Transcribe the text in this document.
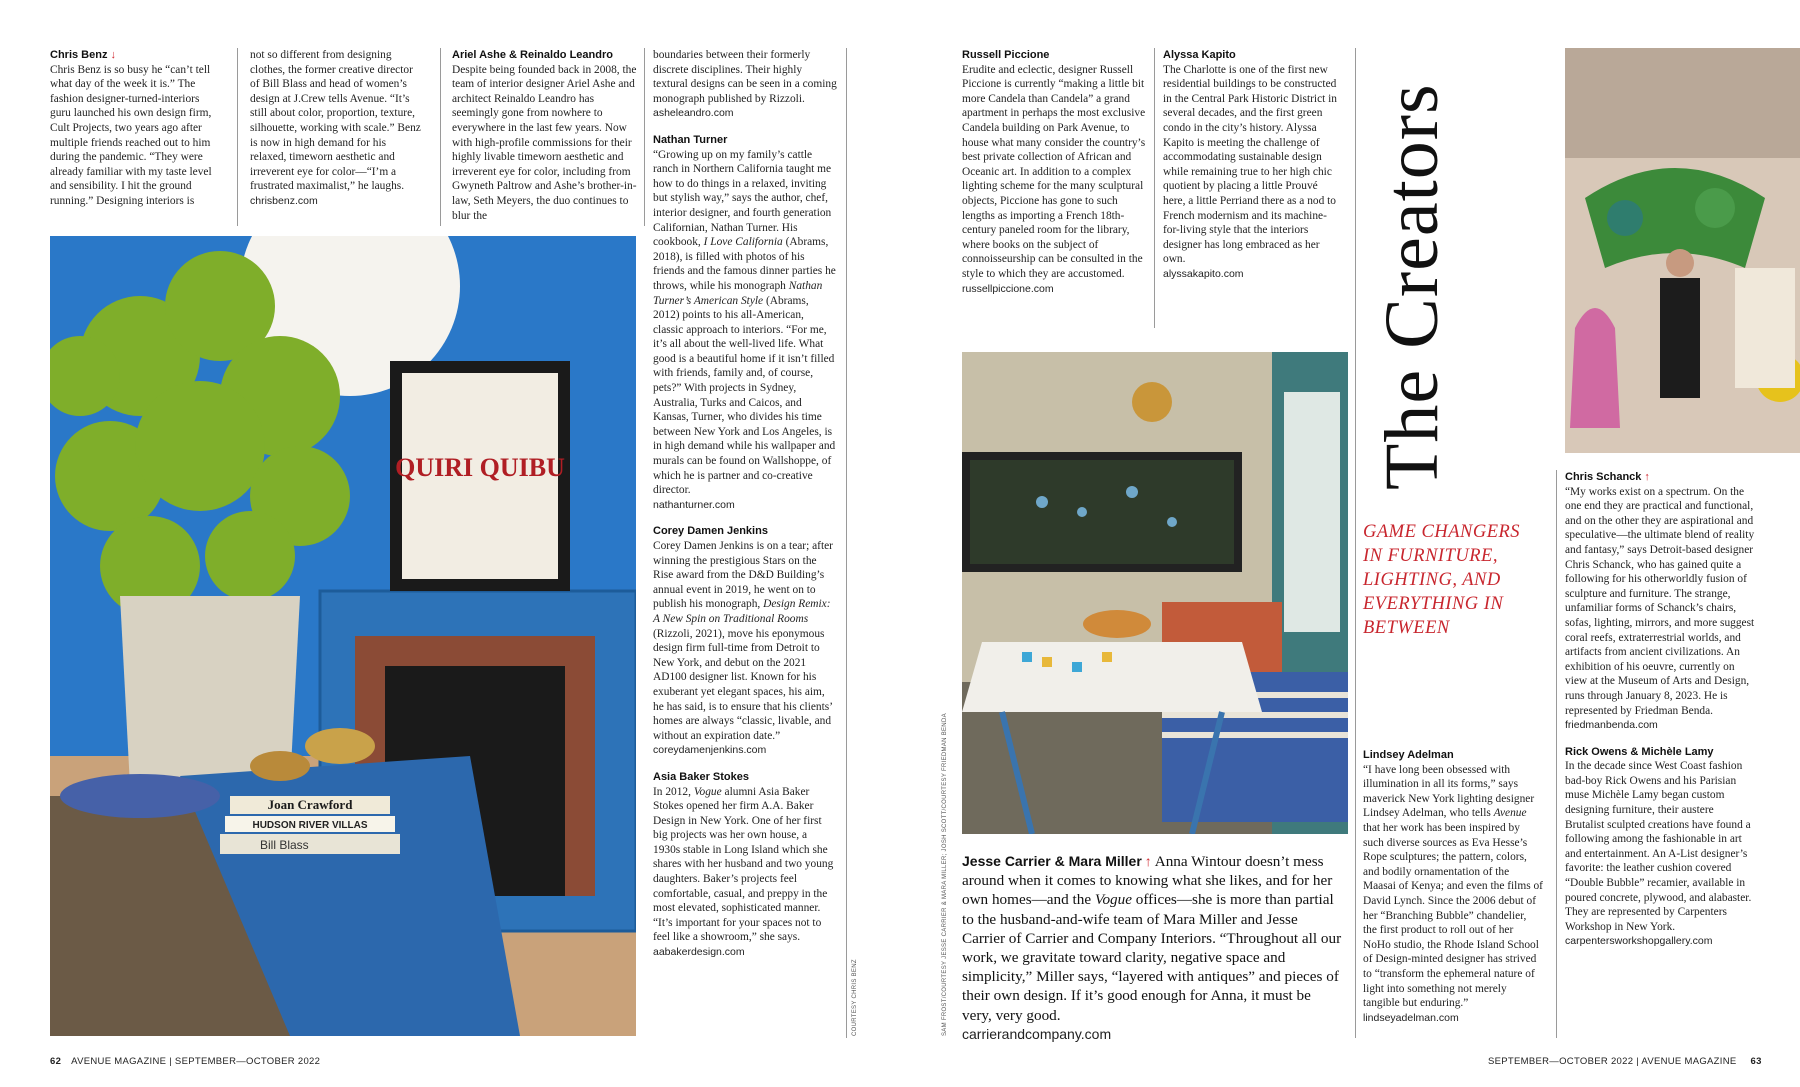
Chris Benz ↓

Chris Benz is so busy he “can’t tell what day of the week it is.” The fashion designer-turned-interiors guru launched his own design firm, Cult Projects, two years ago after multiple friends reached out to him during the pandemic. “They were already familiar with my taste level and sensibility. I hit the ground running.” Designing interiors is

not so different from designing clothes, the former creative director of Bill Blass and head of women’s design at J.Crew tells Avenue. “It’s still about color, proportion, texture, silhouette, working with scale.” Benz is now in high demand for his relaxed, timeworn aesthetic and irreverent eye for color—“I’m a frustrated maximalist,” he laughs.

chrisbenz.com

Ariel Ashe & Reinaldo Leandro

Despite being founded back in 2008, the team of interior designer Ariel Ashe and architect Reinaldo Leandro has seemingly gone from nowhere to everywhere in the last few years. Now with high-profile commissions for their highly livable timeworn aesthetic and irreverent eye for color, including from Gwyneth Paltrow and Ashe’s brother-in-law, Seth Meyers, the duo continues to blur the

boundaries between their formerly discrete disciplines. Their highly textural designs can be seen in a coming monograph published by Rizzoli. asheleandro.com

Nathan Turner

“Growing up on my family’s cattle ranch in Northern California taught me how to do things in a relaxed, inviting but stylish way,” says the author, chef, interior designer, and fourth generation Californian, Nathan Turner. His cookbook, I Love California (Abrams, 2018), is filled with photos of his friends and the famous dinner parties he throws, while his monograph Nathan Turner’s American Style (Abrams, 2012) points to his all-American, classic approach to interiors. “For me, it’s all about the well-lived life. What good is a beautiful home if it isn’t filled with friends, family and, of course, pets?” With projects in Sydney, Australia, Turks and Caicos, and Kansas, Turner, who divides his time between New York and Los Angeles, is in high demand while his wallpaper and murals can be found on Wallshoppe, of which he is partner and co-creative director.

nathanturner.com

Corey Damen Jenkins

Corey Damen Jenkins is on a tear; after winning the prestigious Stars on the Rise award from the D&D Building’s annual event in 2019, he went on to publish his monograph, Design Remix: A New Spin on Traditional Rooms (Rizzoli, 2021), move his eponymous design firm full-time from Detroit to New York, and debut on the 2021 AD100 designer list. Known for his exuberant yet elegant spaces, his aim, he has said, is to ensure that his clients’ homes are always “classic, livable, and without an expiration date.”

coreydamenjenkins.com

Asia Baker Stokes

In 2012, Vogue alumni Asia Baker Stokes opened her firm A.A. Baker Design in New York. One of her first big projects was her own house, a 1930s stable in Long Island which she shares with her husband and two young daughters. Baker’s projects feel comfortable, casual, and preppy in the most elevated, sophisticated manner. “It’s important for your spaces not to feel like a showroom,” she says.

aabakerdesign.com

QUIRI QUIBU
Joan Crawford
HUDSON RIVER VILLAS
Bill Blass
COURTESY CHRIS BENZ
62 AVENUE MAGAZINE | SEPTEMBER—OCTOBER 2022

Russell Piccione

Erudite and eclectic, designer Russell Piccione is currently “making a little bit more Candela than Candela” a grand apartment in perhaps the most exclusive Candela building on Park Avenue, to house what many consider the country’s best private collection of African and Oceanic art. In addition to a complex lighting scheme for the many sculptural objects, Piccione has gone to such lengths as importing a French 18th-century paneled room for the library, where books on the subject of connoisseurship can be consulted in the style to which they are accustomed. russellpiccione.com

Alyssa Kapito

The Charlotte is one of the first new residential buildings to be constructed in the Central Park Historic District in several decades, and the first green condo in the city’s history. Alyssa Kapito is meeting the challenge of accommodating sustainable design while remaining true to her high chic quotient by placing a little Prouvé here, a little Perriand there as a nod to French modernism and its machine-for-living style that the interiors designer has long embraced as her own.

alyssakapito.com

SAM FROST/COURTESY JESSE CARRIER & MARA MILLER; JOSH SCOTT/COURTESY FRIEDMAN BENDA Jesse Carrier & Mara Miller ↑ Anna Wintour doesn’t mess around when it comes to knowing what she likes, and for her own homes—and the Vogue offices—she is more than partial to the husband-and-wife team of Mara Miller and Jesse Carrier of Carrier and Company Interiors. “Throughout all our work, we gravitate toward clarity, negative space and simplicity,” Miller says, “layered with antiques” and pieces of their own design. If it’s good enough for Anna, it must be very, very good.
carrierandcompany.com
The Creators
GAME CHANGERS IN FURNITURE, LIGHTING, AND EVERYTHING IN BETWEEN

Lindsey Adelman

“I have long been obsessed with illumination in all its forms,” says maverick New York lighting designer Lindsey Adelman, who tells Avenue that her work has been inspired by such diverse sources as Eva Hesse’s Rope sculptures; the pattern, colors, and bodily ornamentation of the Maasai of Kenya; and even the films of David Lynch. Since the 2006 debut of her “Branching Bubble” chandelier, the first product to roll out of her NoHo studio, the Rhode Island School of Design-minted designer has strived to “transform the ephemeral nature of light into something not merely tangible but enduring.”

lindseyadelman.com

Chris Schanck ↑

“My works exist on a spectrum. On the one end they are practical and functional, and on the other they are aspirational and speculative—the ultimate blend of reality and fantasy,” says Detroit-based designer Chris Schanck, who has gained quite a following for his otherworldly fusion of sculpture and furniture. The strange, unfamiliar forms of Schanck’s chairs, sofas, lighting, mirrors, and more suggest coral reefs, extraterrestrial worlds, and artifacts from ancient civilizations. An exhibition of his oeuvre, currently on view at the Museum of Arts and Design, runs through January 8, 2023. He is represented by Friedman Benda.

friedmanbenda.com

Rick Owens & Michèle Lamy

In the decade since West Coast fashion bad-boy Rick Owens and his Parisian muse Michèle Lamy began custom designing furniture, their austere Brutalist sculpted creations have found a following among the fashionable in art and entertainment. An A-List designer’s favorite: the leather cushion covered “Double Bubble” recamier, available in poured concrete, plywood, and alabaster. They are represented by Carpenters Workshop in New York.

carpentersworkshopgallery.com

SEPTEMBER—OCTOBER 2022 | AVENUE MAGAZINE 63
